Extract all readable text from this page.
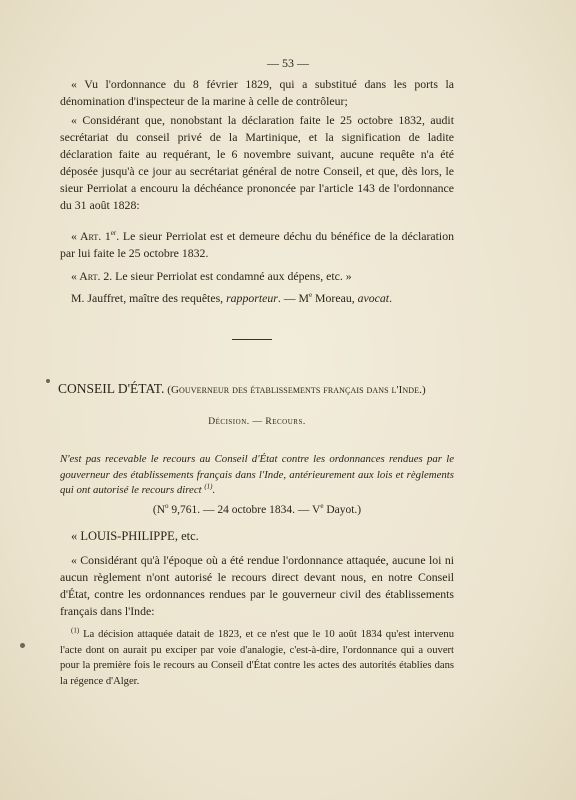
— 53 —

« Vu l'ordonnance du 8 février 1829, qui a substitué dans les ports la dénomination d'inspecteur de la marine à celle de contrôleur;

« Considérant que, nonobstant la déclaration faite le 25 octobre 1832, audit secrétariat du conseil privé de la Martinique, et la signification de ladite déclaration faite au requérant, le 6 novembre suivant, aucune requête n'a été déposée jusqu'à ce jour au secrétariat général de notre Conseil, et que, dès lors, le sieur Perriolat a encouru la déchéance prononcée par l'article 143 de l'ordonnance du 31 août 1828:

« Art. 1er. Le sieur Perriolat est et demeure déchu du bénéfice de la déclaration par lui faite le 25 octobre 1832.

« Art. 2. Le sieur Perriolat est condamné aux dépens, etc. »

M. Jauffret, maître des requêtes, rapporteur. — Me Moreau, avocat.

CONSEIL D'ÉTAT. (Gouverneur des établissements français dans l'Inde.)

Décision. — Recours.

N'est pas recevable le recours au Conseil d'État contre les ordonnances rendues par le gouverneur des établissements français dans l'Inde, antérieurement aux lois et règlements qui ont autorisé le recours direct $^{(1)}$.

($N^o$ 9,761. — 24 octobre 1834. — Ve Dayot.)

« LOUIS-PHILIPPE, etc.

« Considérant qu'à l'époque où a été rendue l'ordonnance attaquée, aucune loi ni aucun règlement n'ont autorisé le recours direct devant nous, en notre Conseil d'État, contre les ordonnances rendues par le gouverneur civil des établissements français dans l'Inde:

$^{(1)}$ La décision attaquée datait de 1823, et ce n'est que le 10 août 1834 qu'est intervenu l'acte dont on aurait pu exciper par voie d'analogie, c'est-à-dire, l'ordonnance qui a ouvert pour la première fois le recours au Conseil d'État contre les actes des autorités établies dans la régence d'Alger.
